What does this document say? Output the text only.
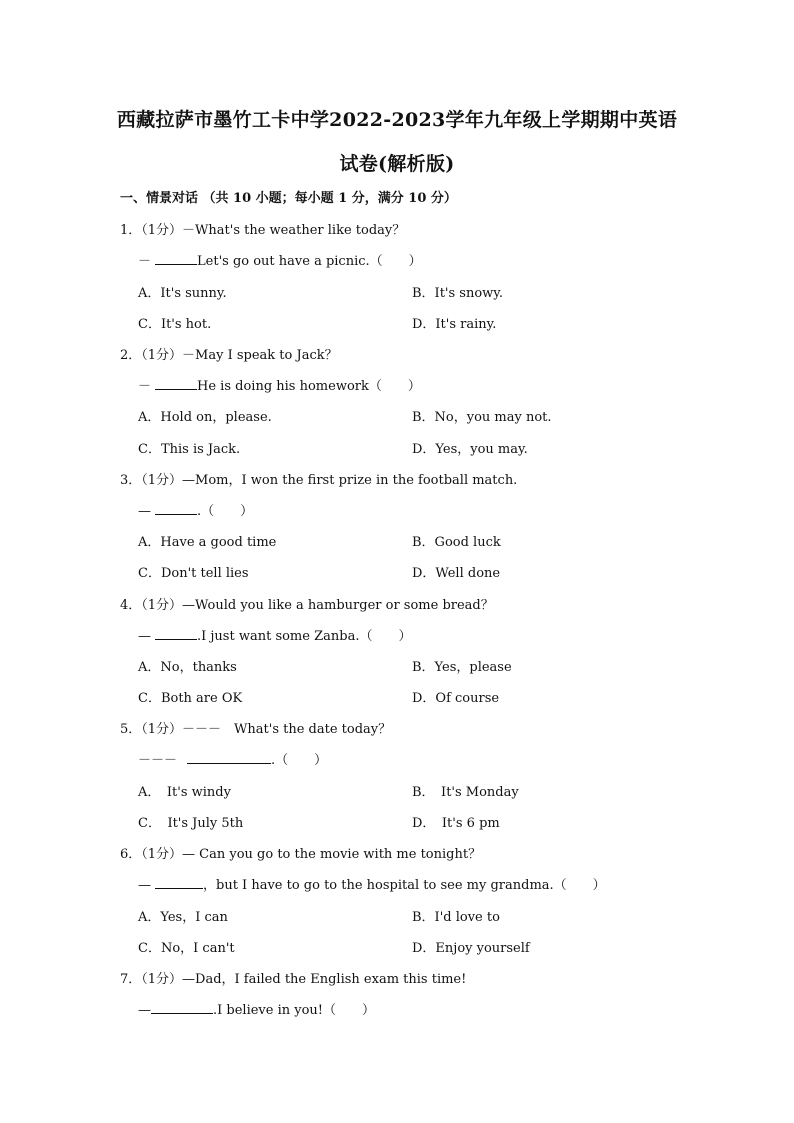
西藏拉萨市墨竹工卡中学2022-2023学年九年级上学期期中英语
试卷(解析版)
一、情景对话 （共 10 小题；每小题 1 分，满分 10 分）
1．（1分）－What's the weather like today？
－	Let's go out have a picnic.（　　）
A．It's sunny.	B．It's snowy.
C．It's hot.	D．It's rainy.
2．（1分）－May I speak to Jack？
－	He is doing his homework（　　）
A．Hold on，please.	B．No，you may not.
C．This is Jack.	D．Yes，you may.
3．（1分）—Mom，I won the first prize in the football match.
—	.（　　）
A．Have a good time	B．Good luck
C．Don't tell lies	D．Well done
4．（1分）—Would you like a hamburger or some bread？
—	.I just want some Zanba.（　　）
A．No，thanks	B．Yes，please
C．Both are OK	D．Of course
5．（1分）－－－　What's the date today？
－－－	.（　　）
A．　It's windy	B．　It's Monday
C．　It's July 5th	D．　It's 6 pm
6．（1分）— Can you go to the movie with me tonight？
—	，but I have to go to the hospital to see my grandma.（　　）
A．Yes，I can	B．I'd love to
C．No，I can't	D．Enjoy yourself
7．（1分）—Dad，I failed the English exam this time!
—	.I believe in you!（　　）
